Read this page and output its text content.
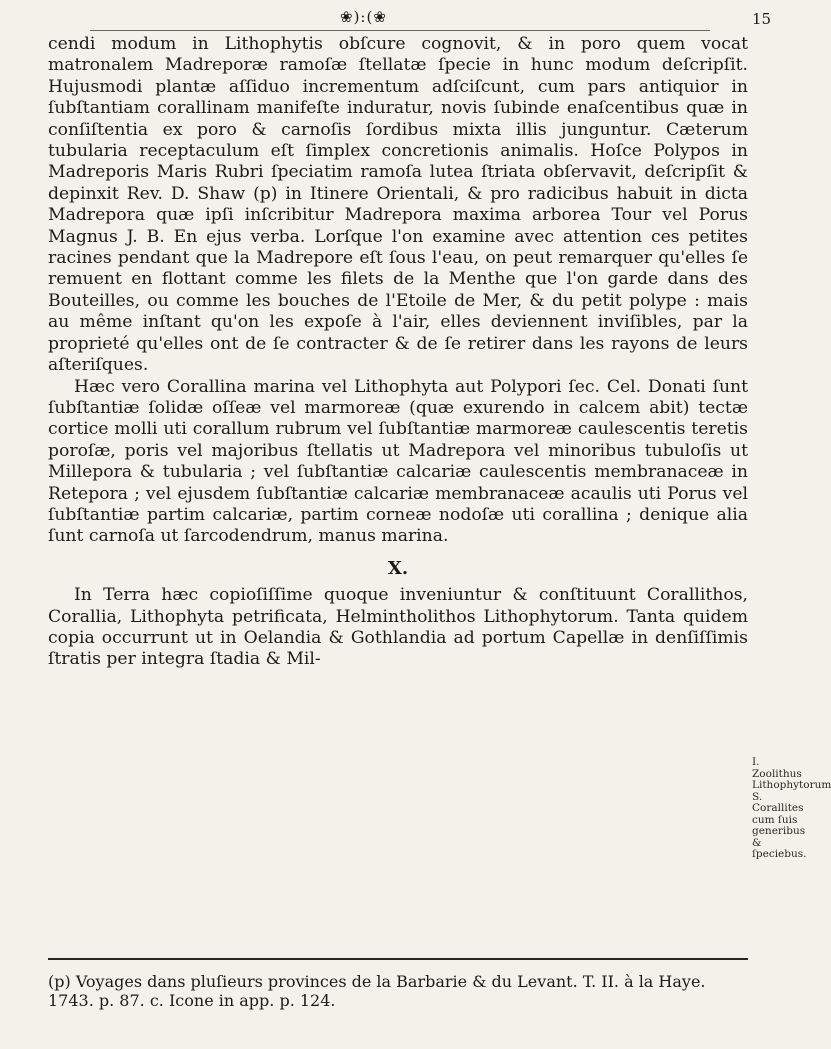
❀):(❀	15

cendi modum in Lithophytis obſcure cognovit, & in poro quem vocat matronalem Madreporæ ramoſæ ſtellatæ ſpecie in hunc modum deſcripſit. Hujusmodi plantæ aſſiduo incrementum adſciſcunt, cum pars antiquior in ſubſtantiam corallinam manifeſte induratur, novis ſubinde enaſcentibus quæ in conſiſtentia ex poro & carnoſis ſordibus mixta illis junguntur. Cæterum tubularia receptaculum eſt ſimplex concretionis animalis. Hoſce Polypos in Madreporis Maris Rubri ſpeciatim ramoſa lutea ſtriata obſervavit, deſcripſit & depinxit Rev. D. Shaw (p) in Itinere Orientali, & pro radicibus habuit in dicta Madrepora quæ ipſi inſcribitur Madrepora maxima arborea Tour vel Porus Magnus J. B. En ejus verba. Lorſque l'on examine avec attention ces petites racines pendant que la Madrepore eſt ſous l'eau, on peut remarquer qu'elles ſe remuent en flottant comme les filets de la Menthe que l'on garde dans des Bouteilles, ou comme les bouches de l'Etoile de Mer, & du petit polype : mais au même inſtant qu'on les expoſe à l'air, elles deviennent inviſibles, par la proprieté qu'elles ont de ſe contracter & de ſe retirer dans les rayons de leurs aſteriſques.

Hæc vero Corallina marina vel Lithophyta aut Polypori ſec. Cel. Donati ſunt ſubſtantiæ ſolidæ oſſeæ vel marmoreæ (quæ exurendo in calcem abit) tectæ cortice molli uti corallum rubrum vel ſubſtantiæ marmoreæ caulescentis teretis poroſæ, poris vel majoribus ſtellatis ut Madrepora vel minoribus tubuloſis ut Millepora & tubularia ; vel ſubſtantiæ calcariæ caulescentis membranaceæ in Retepora ; vel ejusdem ſubſtantiæ calcariæ membranaceæ acaulis uti Porus vel ſubſtantiæ partim calcariæ, partim corneæ nodoſæ uti corallina ; denique alia ſunt carnoſa ut ſarcodendrum, manus marina.

X.

In Terra hæc copioſiſſime quoque inveniuntur & conſtituunt Corallithos, Corallia, Lithophyta petrificata, Helmintholithos Lithophytorum. Tanta quidem copia occurrunt ut in Oelandia & Gothlandia ad portum Capellæ in denſiſſimis ſtratis per integra ſtadia & Mil-

I. Zoolithus Lithophytorum S. Corallites cum ſuis generibus & ſpeciebus.

(p) Voyages dans pluſieurs provinces de la Barbarie & du Levant. T. II. à la Haye. 1743. p. 87. c. Icone in app. p. 124.
